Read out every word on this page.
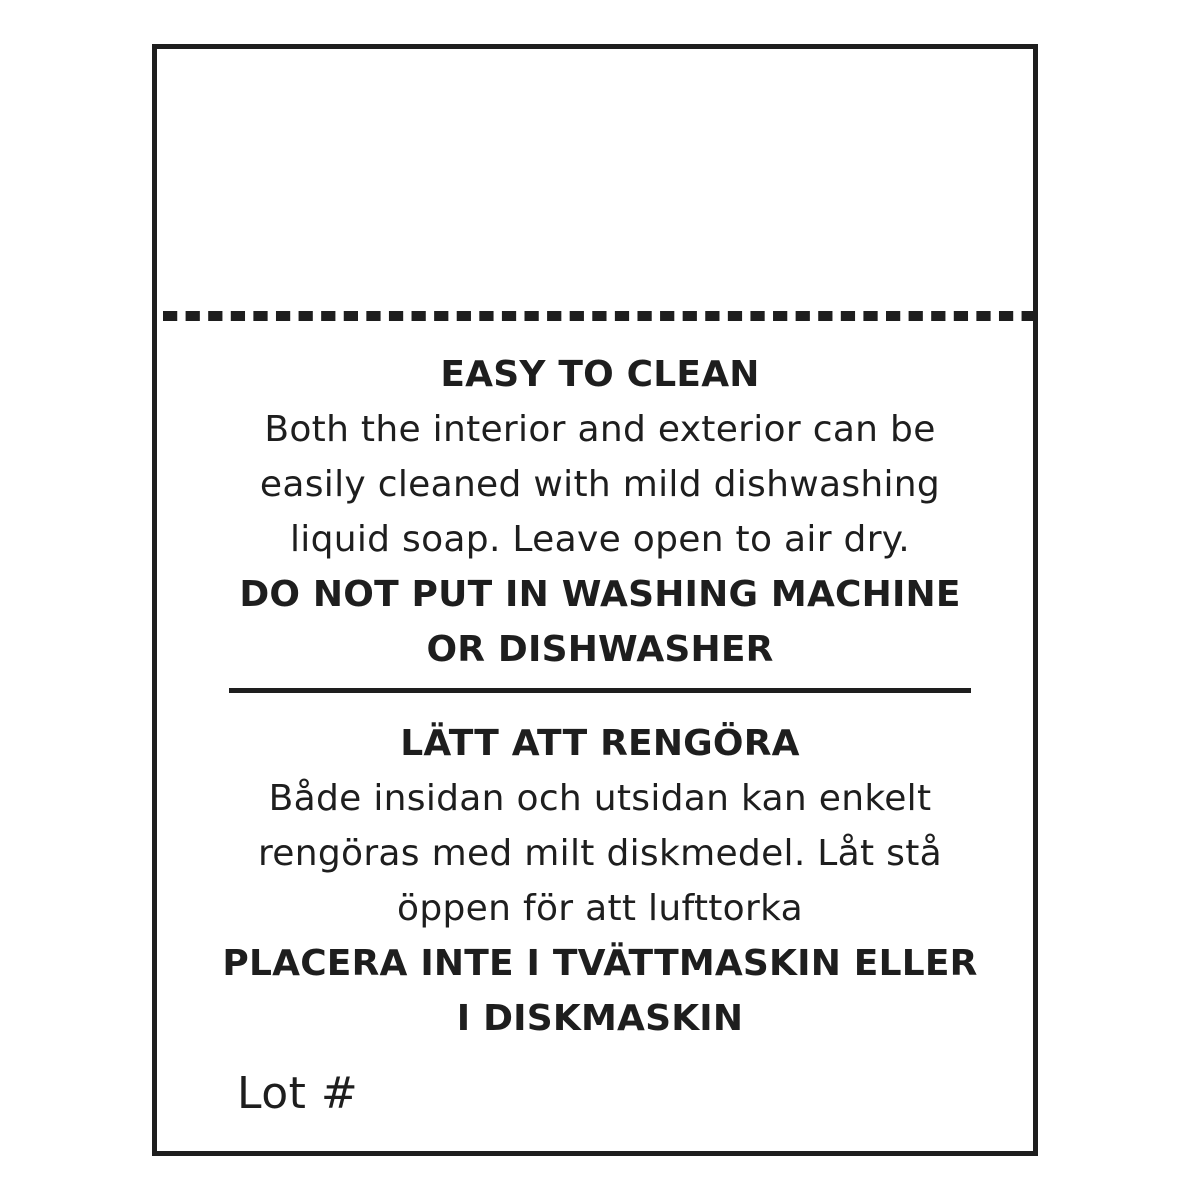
EASY TO CLEAN
Both the interior and exterior can be
easily cleaned with mild dishwashing
liquid soap. Leave open to air dry.
DO NOT PUT IN WASHING MACHINE
OR DISHWASHER
LÄTT ATT RENGÖRA
Både insidan och utsidan kan enkelt
rengöras med milt diskmedel. Låt stå
öppen för att lufttorka
PLACERA INTE I TVÄTTMASKIN ELLER
I DISKMASKIN
Lot #
